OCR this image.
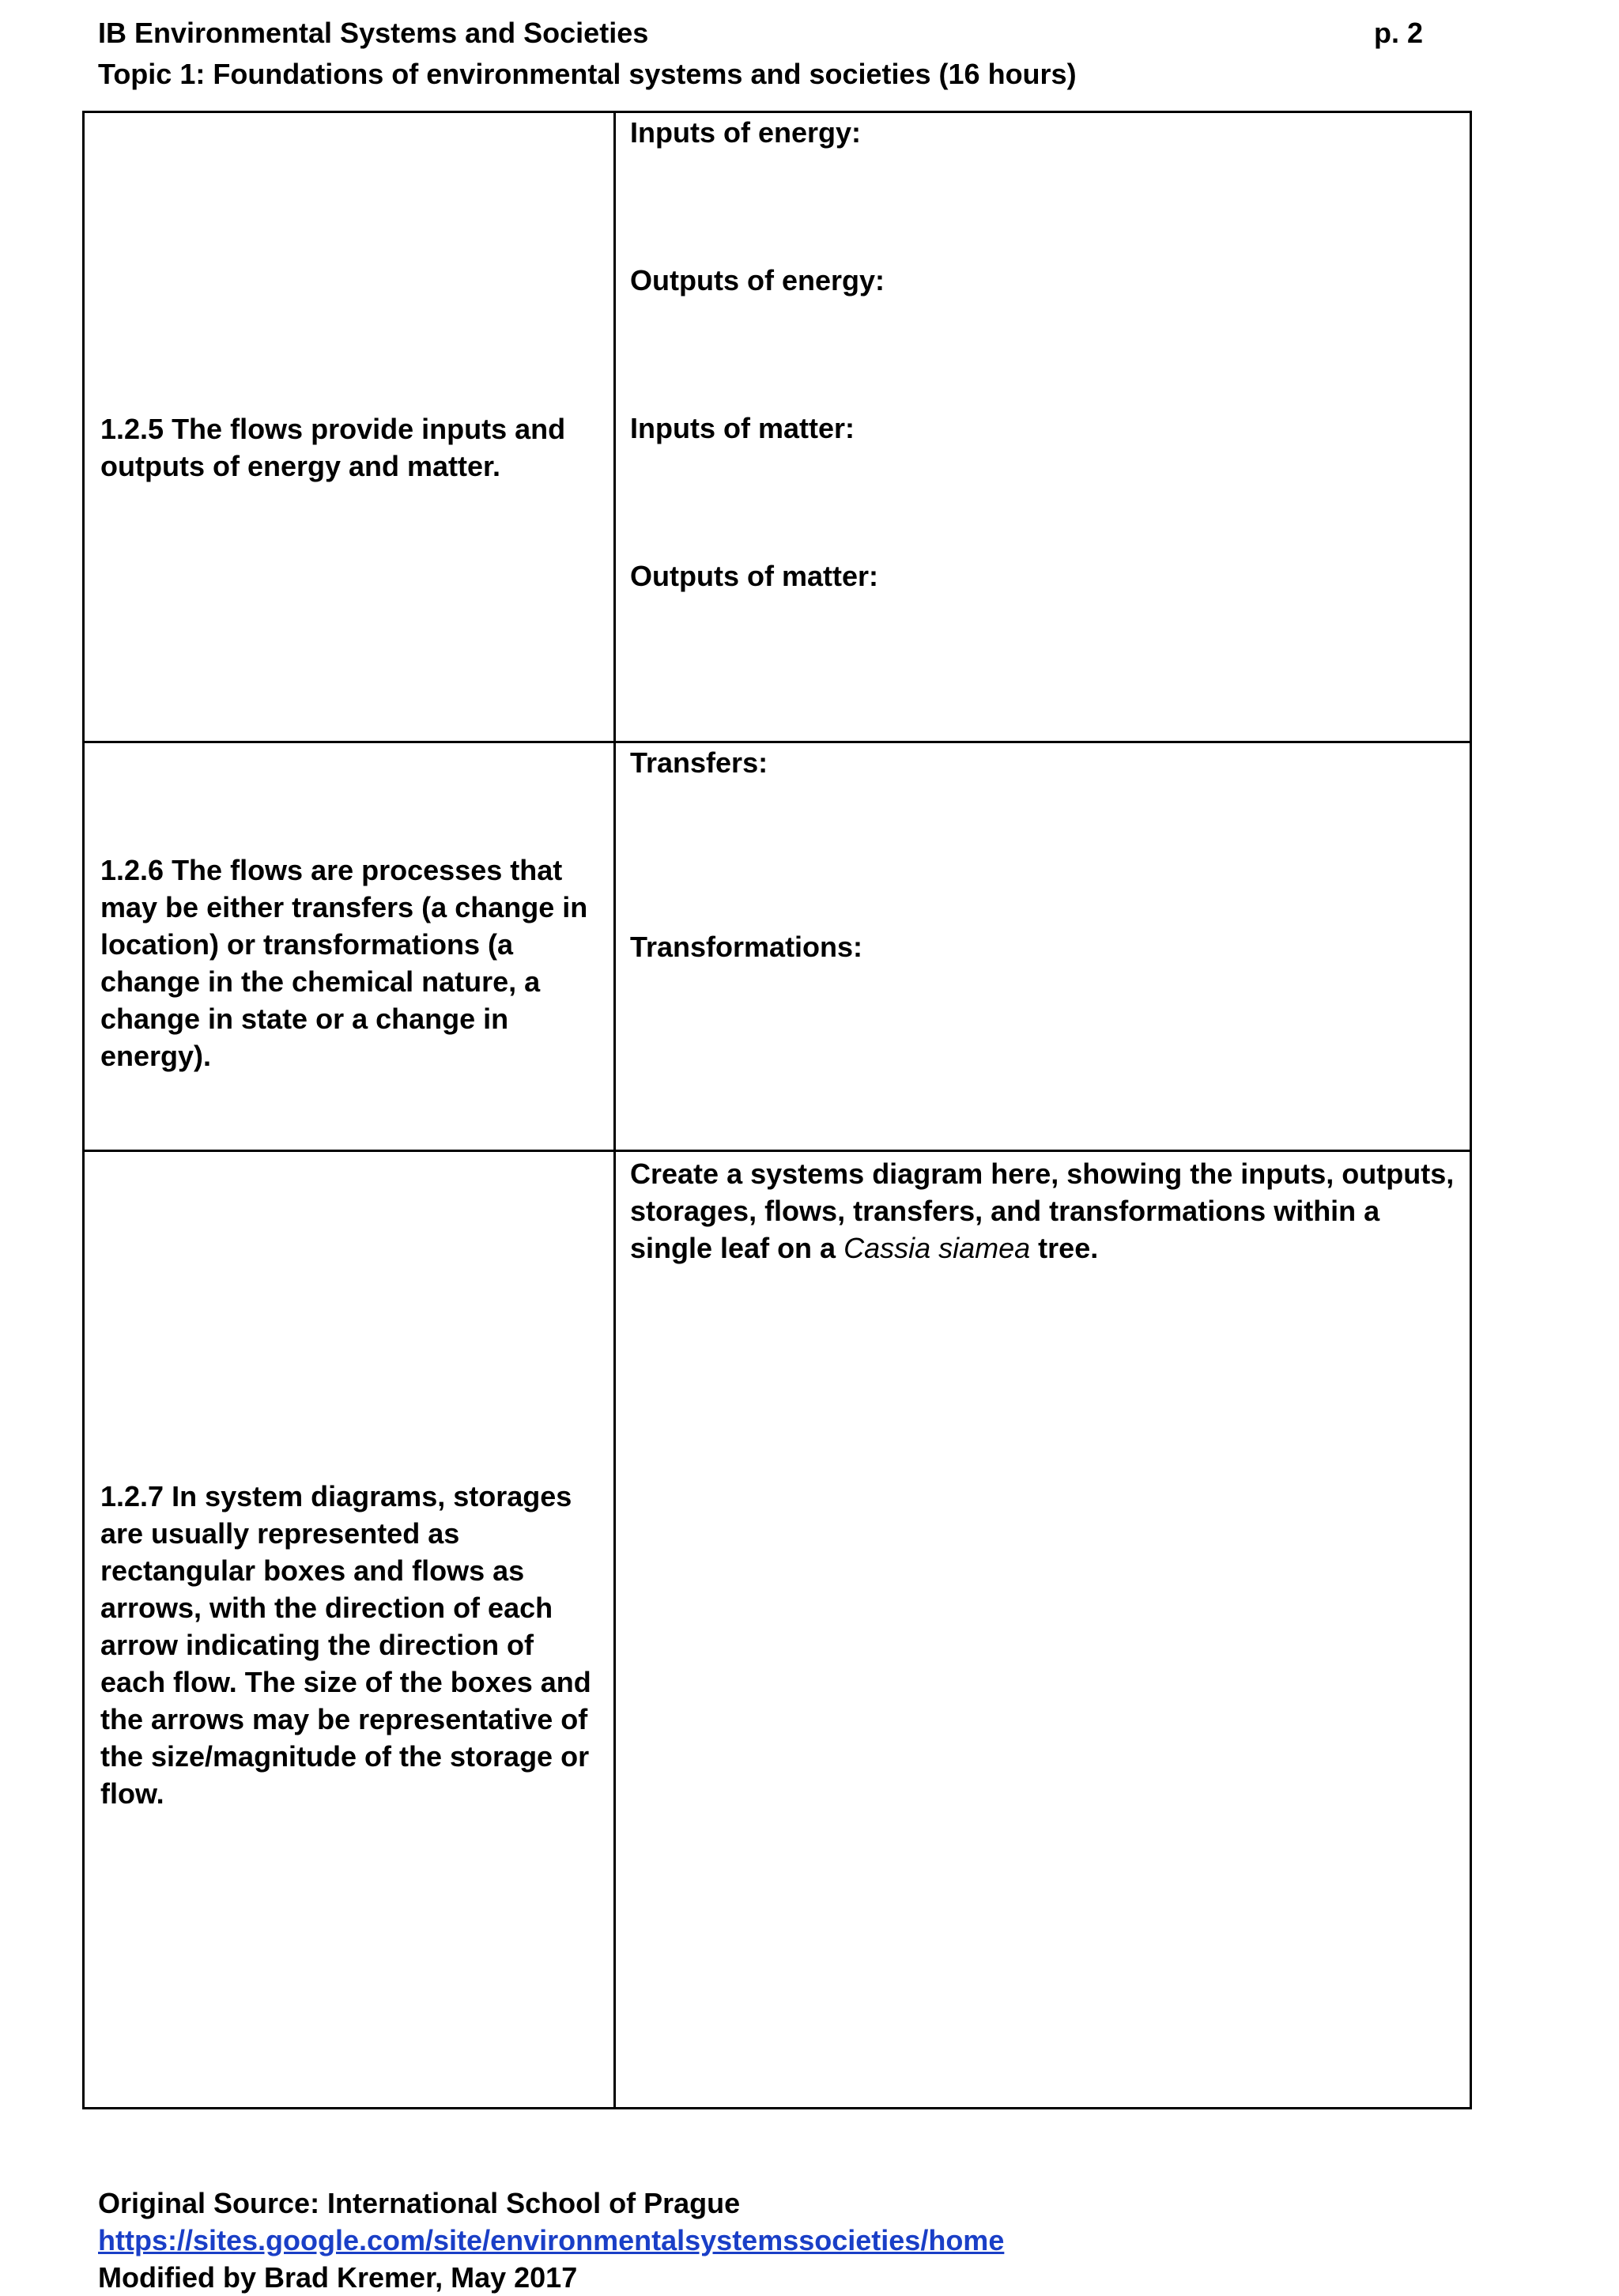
IB Environmental Systems and Societies
Topic 1: Foundations of environmental systems and societies (16 hours)
p. 2
1.2.5 The flows provide inputs and outputs of energy and matter.
Inputs of energy:
Outputs of energy:
Inputs of matter:
Outputs of matter:
1.2.6 The flows are processes that may be either transfers (a change in location) or transformations (a change in the chemical nature, a change in state or a change in energy).
Transfers:
Transformations:
1.2.7 In system diagrams, storages are usually represented as rectangular boxes and flows as arrows, with the direction of each arrow indicating the direction of each flow. The size of the boxes and the arrows may be representative of the size/magnitude of the storage or flow.
Create a systems diagram here, showing the inputs, outputs, storages, flows, transfers, and transformations within a single leaf on a Cassia siamea tree.
Original Source: International School of Prague
https://sites.google.com/site/environmentalsystemssocieties/home
Modified by Brad Kremer, May 2017
